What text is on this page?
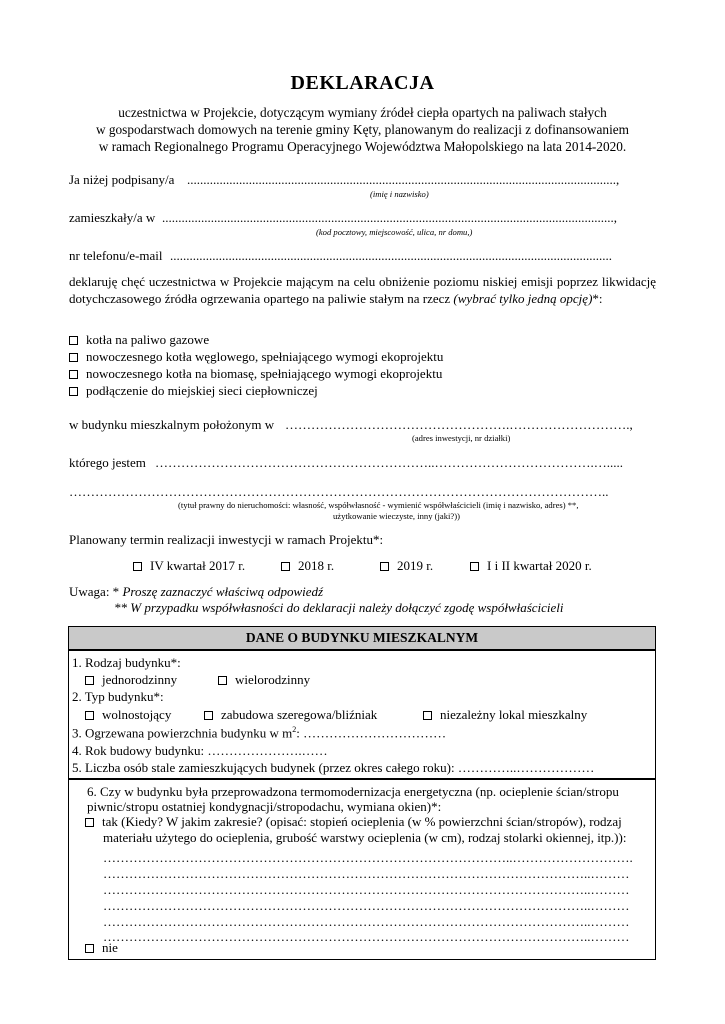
DEKLARACJA
uczestnictwa w Projekcie, dotyczącym wymiany źródeł ciepła opartych na paliwach stałych
w gospodarstwach domowych na terenie gminy Kęty, planowanym do realizacji z dofinansowaniem
w ramach Regionalnego Programu Operacyjnego Województwa Małopolskiego na lata 2014-2020.
Ja niżej podpisany/a ....................................................................................................................................,
(imię i nazwisko)
zamieszkały/a w ...........................................................................................................................................,
(kod pocztowy, miejscowość, ulica, nr domu,)
nr telefonu/e-mail ........................................................................................................................................
deklaruję chęć uczestnictwa w Projekcie mającym na celu obniżenie poziomu niskiej emisji poprzez likwidację dotychczasowego źródła ogrzewania opartego na paliwie stałym na rzecz (wybrać tylko jedną opcję)*:
kotła na paliwo gazowe
nowoczesnego kotła węglowego, spełniającego wymogi ekoprojektu
nowoczesnego kotła na biomasę, spełniającego wymogi ekoprojektu
podłączenie do miejskiej sieci ciepłowniczej
w budynku mieszkalnym położonym w …………………………………………….……………………….,
(adres inwestycji, nr działki)
którego jestem ………………………………………………………..……………………………….….....
……………………………………………………………………………………………………………..
(tytuł prawny do nieruchomości: własność, współwłasność - wymienić współwłaścicieli (imię i nazwisko, adres) **,
użytkowanie wieczyste, inny (jaki?))
Planowany termin realizacji inwestycji w ramach Projektu*:
IV kwartał 2017 r.	2018 r.	2019 r.	I i II kwartał 2020 r.
Uwaga: * Proszę zaznaczyć właściwą odpowiedź
** W przypadku współwłasności do deklaracji należy dołączyć zgodę współwłaścicieli
DANE O BUDYNKU MIESZKALNYM
1. Rodzaj budynku*:
jednorodzinny	wielorodzinny
2. Typ budynku*:
wolnostojący	zabudowa szeregowa/bliźniak	niezależny lokal mieszkalny
3. Ogrzewana powierzchnia budynku w $m^2$: ……………………………
4. Rok budowy budynku: ………………….……
5. Liczba osób stale zamieszkujących budynek (przez okres całego roku): …………..………………
6. Czy w budynku była przeprowadzona termomodernizacja energetyczna (np. ocieplenie ścian/stropu
piwnic/stropu ostatniej kondygnacji/stropodachu, wymiana okien)*:
tak (Kiedy? W jakim zakresie? (opisać: stopień ocieplenia (w % powierzchni ścian/stropów), rodzaj
materiału użytego do ocieplenia, grubość warstwy ocieplenia (w cm), rodzaj stolarki okiennej, itp.)):
…………………………………………………………………………………..……………………….
…………………………………………………………………………………………………..………
…………………………………………………………………………………………………..………
…………………………………………………………………………………………………..………
…………………………………………………………………………………………………..………
…………………………………………………………………………………………………..………
nie
